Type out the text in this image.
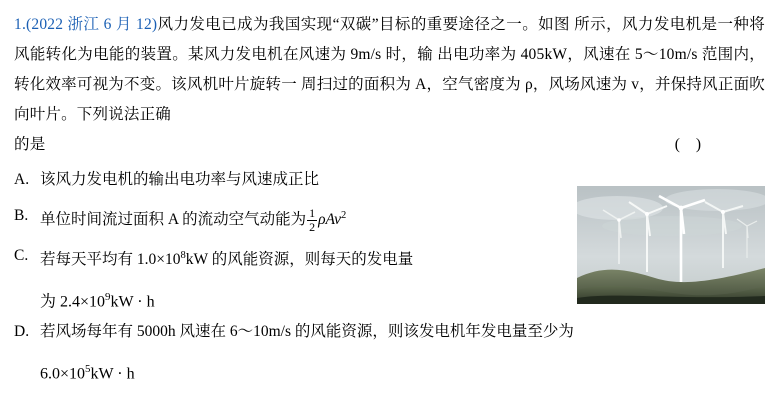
1.(2022 浙江 6 月 12)风力发电已成为我国实现“双碳”目标的重要途径之一。如图 所示，风力发电机是一种将风能转化为电能的装置。某风力发电机在风速为 9m/s 时，输 出电功率为 405kW，风速在 5～10m/s 范围内，转化效率可视为不变。该风机叶片旋转一 周扫过的面积为 A，空气密度为 ρ，风场风速为 v，并保持风正面吹向叶片。下列说法正确
的是	( )
A. 该风力发电机的输出电功率与风速成正比
B. 单位时间流过面积 A 的流动空气动能为 $\frac{1}{2} \rho Av^2$
C. 若每天平均有 $1.0\times 10^8kW$ 的风能资源，则每天的发电量
为 $2.4\times 10^9kW \cdot h$
D. 若风场每年有 5000h 风速在 6～10m/s 的风能资源，则该发电机年发电量至少为
$6.0\times 10^5kW \cdot h$
